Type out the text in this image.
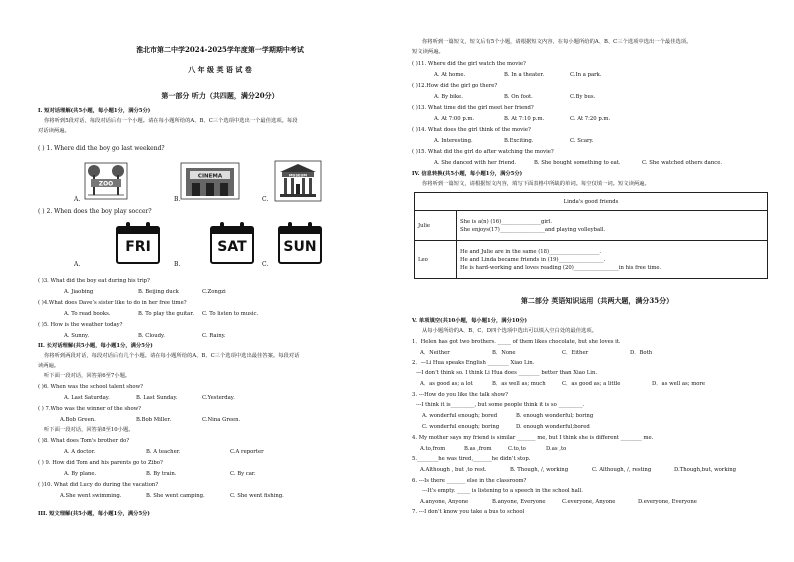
淮北市第二中学2024-2025学年度第一学期期中考试
八 年 级 英 语 试 卷
第一部分 听力（共四题，满分20分）
I. 短对话理解(共5小题，每小题1分，满分5分)
你将听到5段对话，每段对话后有一个小题。请在每小题所给的A、B、C三个选项中选出一个最佳选项。每段
对话读两遍。
( ) 1. Where did the boy go last weekend?
A.
ZOO
B.
CINEMA
C.
MUSEUM
( ) 2. When does the boy play soccer?
A.
FRI
B.
SAT
C.
SUN
( )3. What did the boy eat during his trip?
A. Jiaobing	B. Beijing duck	C.Zongzi
( )4.What does Dave’s sister like to do in her free time?
A. To read books.	B. To play the guitar. C. To listen to music.
( )5. How is the weather today?
A. Sunny.	B. Cloudy.	C. Rainy.
II. 长对话理解(共5小题，每小题1分，满分5分)
你将听到两段对话，每段对话后有几个小题。请在每小题所给的A、B、C三个选项中选出最佳答案。每段对话
读两遍。
听下面一段对话，回答第6至7小题。
( )6. When was the school talent show?
A. Last Saturday.	B. Last Sunday.	C.Yesterday.
( ) 7.Who was the winner of the show?
A.Bob Green.	B.Bob Miller.	C.Nina Green.
听下面一段对话，回答第8至10小题。
( )8. What does Tom's brother do?
A. A doctor.	B. A teacher.	C.A reporter
( ) 9. How did Tom and his parents go to Zibo?
A. By plane.	B. By train.	C. By car.
( )10. What did Lucy do during the vacation?
A.She went swimming.	B. She went camping.	C. She went fishing.
III. 短文理解(共5小题，每小题1分，满分5分)
你将听到一篇短文，短文后有5个小题，请根据短文内容，在每小题所给的A、B、C三个选项中选出一个最佳选项。
短文读两遍。
( )11. Where did the girl watch the movie?
A. At home.	B. In a theater.	C.In a park.
( )12.How did the girl go there?
A. By bike.	B. On foot.	C.By bus.
( )13. What time did the girl meet her friend?
A. At 7:00 p.m.	B. At 7:10 p.m.	C. At 7:20 p.m.
( )14. What does the girl think of the movie?
A. Interesting.	B.Exciting.	C. Scary.
( )15. What did the girl do after watching the movie?
A. She danced with her friend.	B. She bought something to eat.	C. She watched others dance.
IV. 信息转换(共5小题，每小题1分，满分5分)
你将听到一篇短文，请根据短文内容，填写下面表格中所缺的单词。每空仅填一词。短文读两遍。
Linda's good friends	
Julie	She is a(n) (16)_______________girl.
She enjoys(17)_________________and playing volleyball.

Leo	He and Julie are in the same (18)___________________.
He and Linda became friends in (19)_________________.
He is hard-working and loves reading (20)_________________in his free time.
第二部分 英语知识运用（共两大题，满分35分）
V. 单项填空(共10小题，每小题1分，满分10分)
从每小题所给的A、B、C、D四个选项中选出可以填入空白处的最佳选项。
1．Helen has got two brothers. _____ of them likes chocolate, but she loves it.
A．Neither	B．None	C．Either	D．Both
2．—Li Hua speaks English ________ Xiao Lin.
—I don’t think so. I think Li Hua does ________ better than Xiao Lin.
A．as good as; a lot	B．as well as; much	C．as good as; a little	D．as well as; more
3. ---How do you like the talk show?
---I think it is_________, but some people think it is so _________.
A. wonderful enough; bored	B. enough wonderful; boring
C. wonderful enough; boring	D. enough wonderful;bored
4. My mother says my friend is similar _______ me, but I think she is different ________ me.
A.to,from	B.as ,from	C.to,to	D.as ,to
5.________he was tired,_______he didn’t stop.
A.Although , but ,to rest.	B. Though, /, working	C. Although, /, resting	D.Though,but, working
6. ---Is there _______ else in the classroom?
---It’s empty. _____ is listening to a speech in the school hall.
A.anyone, Anyone	B.anyone, Everyone	C.everyone, Anyone	D.everyone, Everyone
7. ---I don’t know you take a bus to school
